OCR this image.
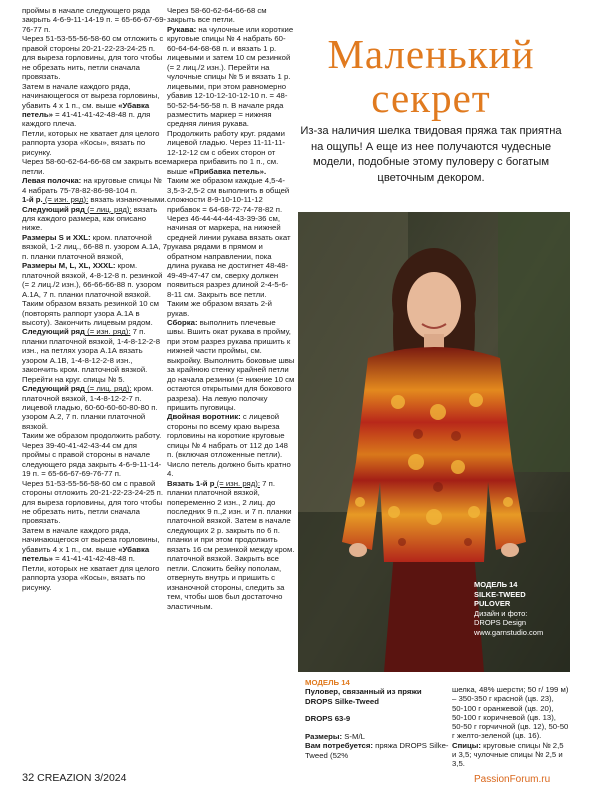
проймы в начале следующего ряда закрыть 4-6-9-11-14-19 п. = 65-66-67-69-76-77 п.

Через 51-53-55-56-58-60 см отложить с правой стороны 20-21-22-23-24-25 п. для выреза горловины, для того чтобы не обрезать нить, петли сначала провязать.

Затем в начале каждого ряда, начинающегося от выреза горловины, убавить 4 х 1 п., см. выше «Убавка петель» = 41-41-41-42-48-48 п. для каждого плеча.

Петли, которых не хватает для целого раппорта узора «Косы», вязать по рисунку.

Через 58-60-62-64-66-68 см закрыть все петли.

Левая полочка: на круговые спицы № 4 набрать 75-78-82-86-98-104 п.

1-й р. (= изн. ряд): вязать изнаночными.

Следующий ряд (= лиц. ряд): вязать для каждого размера, как описано ниже.

Размеры S и XXL: кром. платочной вязкой, 1-2 лиц., 66-88 п. узором А.1А, 7 п. планки платочной вязкой,

Размеры M, L, XL, XXXL: кром. платочной вязкой, 4-8-12-8 п. резинкой (= 2 лиц./2 изн.), 66-66-66-88 п. узором А.1А, 7 п. планки платочной вязкой.

Таким образом вязать резинкой 10 см (повторять раппорт узора А.1А в высоту). Закончить лицевым рядом.

Следующий ряд (= изн. ряд): 7 п. планки платочной вязкой, 1-4-8-12-2-8 изн., на петлях узора А.1А вязать узором А.1В, 1-4-8-12-2-8 изн., закончить кром. платочной вязкой. Перейти на круг. спицы № 5.

Следующий ряд (= лиц. ряд): кром. платочной вязкой, 1-4-8-12-2-7 п. лицевой гладью, 60-60-60-60-80-80 п. узором А.2, 7 п. планки платочной вязкой.

Таким же образом продолжить работу. Через 39-40-41-42-43-44 см для проймы с правой стороны в начале следующего ряда закрыть 4-6-9-11-14-19 п. = 65-66-67-69-76-77 п.

Через 51-53-55-56-58-60 см с правой стороны отложить 20-21-22-23-24-25 п. для выреза горловины, для того чтобы не обрезать нить, петли сначала провязать.

Затем в начале каждого ряда, начинающегося от выреза горловины, убавить 4 х 1 п., см. выше «Убавка петель» = 41-41-41-42-48-48 п.

Петли, которых не хватает для целого раппорта узора «Косы», вязать по рисунку.

Через 58-60-62-64-66-68 см закрыть все петли.

Рукава: на чулочные или короткие круговые спицы № 4 набрать 60-60-64-64-68-68 п. и вязать 1 р. лицевыми и затем 10 см резинкой (= 2 лиц./2 изн.). Перейти на чулочные спицы № 5 и вязать 1 р. лицевыми, при этом равномерно убавив 12-10-12-10-12-10 п. = 48-50-52-54-56-58 п. В начале ряда разместить маркер = нижняя средняя линия рукава. Продолжить работу круг. рядами лицевой гладью. Через 11-11-11-12-12-12 см с обеих сторон от маркера прибавить по 1 п., см. выше «Прибавка петель».

Таким же образом каждые 4,5-4-3,5-3-2,5-2 см выполнить в общей сложности 8-9-10-10-11-12 прибавок = 64-68-72-74-78-82 п.

Через 46-44-44-44-43-39-36 см, начиная от маркера, на нижней средней линии рукава вязать окат рукава рядами в прямом и обратном направлении, пока длина рукава не достигнет 48-48-49-49-47-47 см, сверху должен появиться разрез длиной 2-4-5-6-8-11 см. Закрыть все петли.

Таким же образом вязать 2-й рукав.

Сборка: выполнить плечевые швы. Вшить окат рукава в пройму, при этом разрез рукава пришить к нижней части проймы, см. выкройку. Выполнить боковые швы за крайнюю стенку крайней петли до начала резинки (= нижние 10 см остаются открытыми для бокового разреза). На левую полочку пришить пуговицы.

Двойная воротник: с лицевой стороны по всему краю выреза горловины на короткие круговые спицы № 4 набрать от 112 до 148 п. (включая отложенные петли). Число петель должно быть кратно 4.

Вязать 1-й р (= изн. ряд): 7 п. планки платочной вязкой, попеременно 2 изн., 2 лиц. до последних 9 п.,2 изн. и 7 п. планки платочной вязкой. Затем в начале следующих 2 р. закрыть по 6 п. планки и при этом продолжить вязать 16 см резинкой между кром. платочной вязкой. Закрыть все петли. Сложить бейку пополам, отвернуть внутрь и пришить с изнаночной стороны, следить за тем, чтобы шов был достаточно эластичным.

Маленький
секрет
Из-за наличия шелка твидовая пряжа так приятна на ощупь! А еще из нее получаются чудесные модели, подобные этому пуловеру с богатым цветочным декором.
МОДЕЛЬ 14
SILKE-TWEED
PULOVER
Дизайн и фото:
DROPS Design
www.garnstudio.com
МОДЕЛЬ 14
Пуловер, связанный из пряжи DROPS Silke-Tweed
DROPS 63-9
Размеры: S-M/L
Вам потребуется: пряжа DROPS Silke-Tweed (52%
шелка, 48% шерсти; 50 г/ 199 м) – 350-350 г красной (цв. 23),
50-100 г оранжевой (цв. 20),
50-100 г коричневой (цв. 13),
50-50 г горчичной (цв. 12), 50-50 г желто-зеленой (цв. 16).
Спицы: круговые спицы № 2,5 и 3,5; чулочные спицы № 2,5 и 3,5.
32 CREAZION 3/2024	PassionForum.ru
